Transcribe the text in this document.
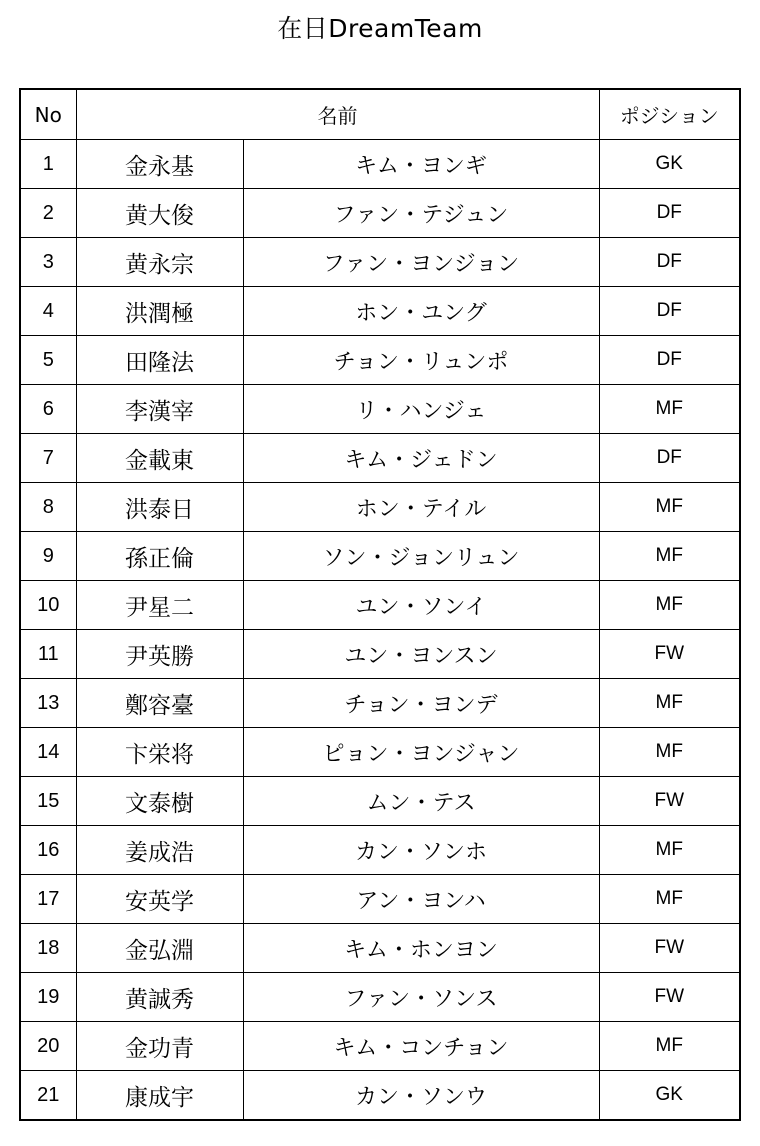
在日DreamTeam
No	名前		ポジション
1	金永基	キム・ヨンギ	GK
2	黄大俊	ファン・テジュン	DF
3	黄永宗	ファン・ヨンジョン	DF
4	洪潤極	ホン・ユング	DF
5	田隆法	チョン・リュンポ	DF
6	李漢宰	リ・ハンジェ	MF
7	金載東	キム・ジェドン	DF
8	洪泰日	ホン・テイル	MF
9	孫正倫	ソン・ジョンリュン	MF
10	尹星二	ユン・ソンイ	MF
11	尹英勝	ユン・ヨンスン	FW
13	鄭容臺	チョン・ヨンデ	MF
14	卞栄将	ピョン・ヨンジャン	MF
15	文泰樹	ムン・テス	FW
16	姜成浩	カン・ソンホ	MF
17	安英学	アン・ヨンハ	MF
18	金弘淵	キム・ホンヨン	FW
19	黄誠秀	ファン・ソンス	FW
20	金功青	キム・コンチョン	MF
21	康成宇	カン・ソンウ	GK
